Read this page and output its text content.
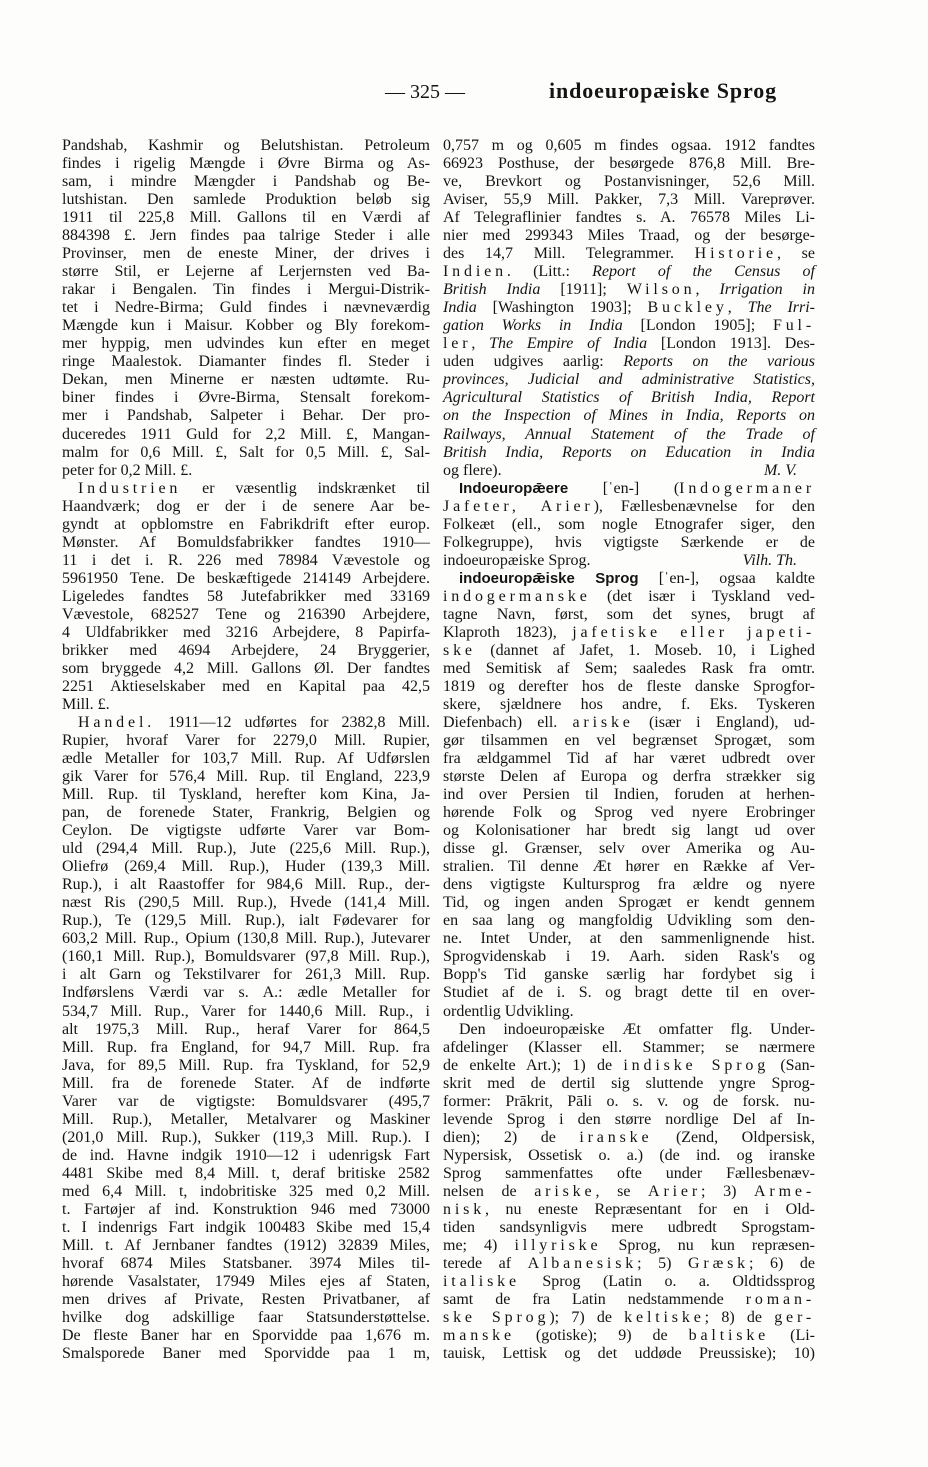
— 325 —	indoeuropæiske Sprog
Pandshab, Kashmir og Belutshistan. Petroleum
findes i rigelig Mængde i Øvre Birma og As-
sam, i mindre Mængder i Pandshab og Be-
lutshistan. Den samlede Produktion beløb sig
1911 til 225,8 Mill. Gallons til en Værdi af
884398 £. Jern findes paa talrige Steder i alle
Provinser, men de eneste Miner, der drives i
større Stil, er Lejerne af Lerjernsten ved Ba-
rakar i Bengalen. Tin findes i Mergui-Distrik-
tet i Nedre-Birma; Guld findes i nævneværdig
Mængde kun i Maisur. Kobber og Bly forekom-
mer hyppig, men udvindes kun efter en meget
ringe Maalestok. Diamanter findes fl. Steder i
Dekan, men Minerne er næsten udtømte. Ru-
biner findes i Øvre-Birma, Stensalt forekom-
mer i Pandshab, Salpeter i Behar. Der pro-
duceredes 1911 Guld for 2,2 Mill. £, Mangan-
malm for 0,6 Mill. £, Salt for 0,5 Mill. £, Sal-
peter for 0,2 Mill. £.
Industrien er væsentlig indskrænket til
Haandværk; dog er der i de senere Aar be-
gyndt at opblomstre en Fabrikdrift efter europ.
Mønster. Af Bomuldsfabrikker fandtes 1910—
11 i det i. R. 226 med 78984 Vævestole og
5961950 Tene. De beskæftigede 214149 Arbejdere.
Ligeledes fandtes 58 Jutefabrikker med 33169
Vævestole, 682527 Tene og 216390 Arbejdere,
4 Uldfabrikker med 3216 Arbejdere, 8 Papirfa-
brikker med 4694 Arbejdere, 24 Bryggerier,
som bryggede 4,2 Mill. Gallons Øl. Der fandtes
2251 Aktieselskaber med en Kapital paa 42,5
Mill. £.
Handel. 1911—12 udførtes for 2382,8 Mill.
Rupier, hvoraf Varer for 2279,0 Mill. Rupier,
ædle Metaller for 103,7 Mill. Rup. Af Udførslen
gik Varer for 576,4 Mill. Rup. til England, 223,9
Mill. Rup. til Tyskland, herefter kom Kina, Ja-
pan, de forenede Stater, Frankrig, Belgien og
Ceylon. De vigtigste udførte Varer var Bom-
uld (294,4 Mill. Rup.), Jute (225,6 Mill. Rup.),
Oliefrø (269,4 Mill. Rup.), Huder (139,3 Mill.
Rup.), i alt Raastoffer for 984,6 Mill. Rup., der-
næst Ris (290,5 Mill. Rup.), Hvede (141,4 Mill.
Rup.), Te (129,5 Mill. Rup.), ialt Fødevarer for
603,2 Mill. Rup., Opium (130,8 Mill. Rup.), Jutevarer
(160,1 Mill. Rup.), Bomuldsvarer (97,8 Mill. Rup.),
i alt Garn og Tekstilvarer for 261,3 Mill. Rup.
Indførslens Værdi var s. A.: ædle Metaller for
534,7 Mill. Rup., Varer for 1440,6 Mill. Rup., i
alt 1975,3 Mill. Rup., heraf Varer for 864,5
Mill. Rup. fra England, for 94,7 Mill. Rup. fra
Java, for 89,5 Mill. Rup. fra Tyskland, for 52,9
Mill. fra de forenede Stater. Af de indførte
Varer var de vigtigste: Bomuldsvarer (495,7
Mill. Rup.), Metaller, Metalvarer og Maskiner
(201,0 Mill. Rup.), Sukker (119,3 Mill. Rup.). I
de ind. Havne indgik 1910—12 i udenrigsk Fart
4481 Skibe med 8,4 Mill. t, deraf britiske 2582
med 6,4 Mill. t, indobritiske 325 med 0,2 Mill.
t. Fartøjer af ind. Konstruktion 946 med 73000
t. I indenrigs Fart indgik 100483 Skibe med 15,4
Mill. t. Af Jernbaner fandtes (1912) 32839 Miles,
hvoraf 6874 Miles Statsbaner. 3974 Miles til-
hørende Vasalstater, 17949 Miles ejes af Staten,
men drives af Private, Resten Privatbaner, af
hvilke dog adskillige faar Statsunderstøttelse.
De fleste Baner har en Sporvidde paa 1,676 m.
Smalsporede Baner med Sporvidde paa 1 m,
0,757 m og 0,605 m findes ogsaa. 1912 fandtes
66923 Posthuse, der besørgede 876,8 Mill. Bre-
ve, Brevkort og Postanvisninger, 52,6 Mill.
Aviser, 55,9 Mill. Pakker, 7,3 Mill. Vareprøver.
Af Telegraflinier fandtes s. A. 76578 Miles Li-
nier med 299343 Miles Traad, og der besørge-
des 14,7 Mill. Telegrammer. Historie, se
Indien. (Litt.: Report of the Census of
British India [1911]; Wilson, Irrigation in
India [Washington 1903]; Buckley, The Irri-
gation Works in India [London 1905]; Ful-
ler, The Empire of India [London 1913]. Des-
uden udgives aarlig: Reports on the various
provinces, Judicial and administrative Statistics,
Agricultural Statistics of British India, Report
on the Inspection of Mines in India, Reports on
Railways, Annual Statement of the Trade of
British India, Reports on Education in India
og flere).	M. V.
Indoeuropǣere [ˈen-] (Indogermaner
Jafeter, Arier), Fællesbenævnelse for den
Folkeæt (ell., som nogle Etnografer siger, den
Folkegruppe), hvis vigtigste Særkende er de
indoeuropæiske Sprog.	Vilh. Th.
indoeuropǣiske Sprog [ˈen-], ogsaa kaldte
indogermanske (det især i Tyskland ved-
tagne Navn, først, som det synes, brugt af
Klaproth 1823), jafetiske eller japeti-
ske (dannet af Jafet, 1. Moseb. 10, i Lighed
med Semitisk af Sem; saaledes Rask fra omtr.
1819 og derefter hos de fleste danske Sprogfor-
skere, sjældnere hos andre, f. Eks. Tyskeren
Diefenbach) ell. ariske (især i England), ud-
gør tilsammen en vel begrænset Sprogæt, som
fra ældgammel Tid af har været udbredt over
største Delen af Europa og derfra strækker sig
ind over Persien til Indien, foruden at herhen-
hørende Folk og Sprog ved nyere Erobringer
og Kolonisationer har bredt sig langt ud over
disse gl. Grænser, selv over Amerika og Au-
stralien. Til denne Æt hører en Række af Ver-
dens vigtigste Kultursprog fra ældre og nyere
Tid, og ingen anden Sprogæt er kendt gennem
en saa lang og mangfoldig Udvikling som den-
ne. Intet Under, at den sammenlignende hist.
Sprogvidenskab i 19. Aarh. siden Rask's og
Bopp's Tid ganske særlig har fordybet sig i
Studiet af de i. S. og bragt dette til en over-
ordentlig Udvikling.
Den indoeuropæiske Æt omfatter flg. Under-
afdelinger (Klasser ell. Stammer; se nærmere
de enkelte Art.); 1) de indiske Sprog (San-
skrit med de dertil sig sluttende yngre Sprog-
former: Prākrit, Pāli o. s. v. og de forsk. nu-
levende Sprog i den større nordlige Del af In-
dien); 2) de iranske (Zend, Oldpersisk,
Nypersisk, Ossetisk o. a.) (de ind. og iranske
Sprog sammenfattes ofte under Fællesbenæv-
nelsen de ariske, se Arier; 3) Arme-
nisk, nu eneste Repræsentant for en i Old-
tiden sandsynligvis mere udbredt Sprogstam-
me; 4) illyriske Sprog, nu kun repræsen-
terede af Albanesisk; 5) Græsk; 6) de
italiske Sprog (Latin o. a. Oldtidssprog
samt de fra Latin nedstammende roman-
ske Sprog); 7) de keltiske; 8) de ger-
manske (gotiske); 9) de baltiske (Li-
tauisk, Lettisk og det uddøde Preussiske); 10)
